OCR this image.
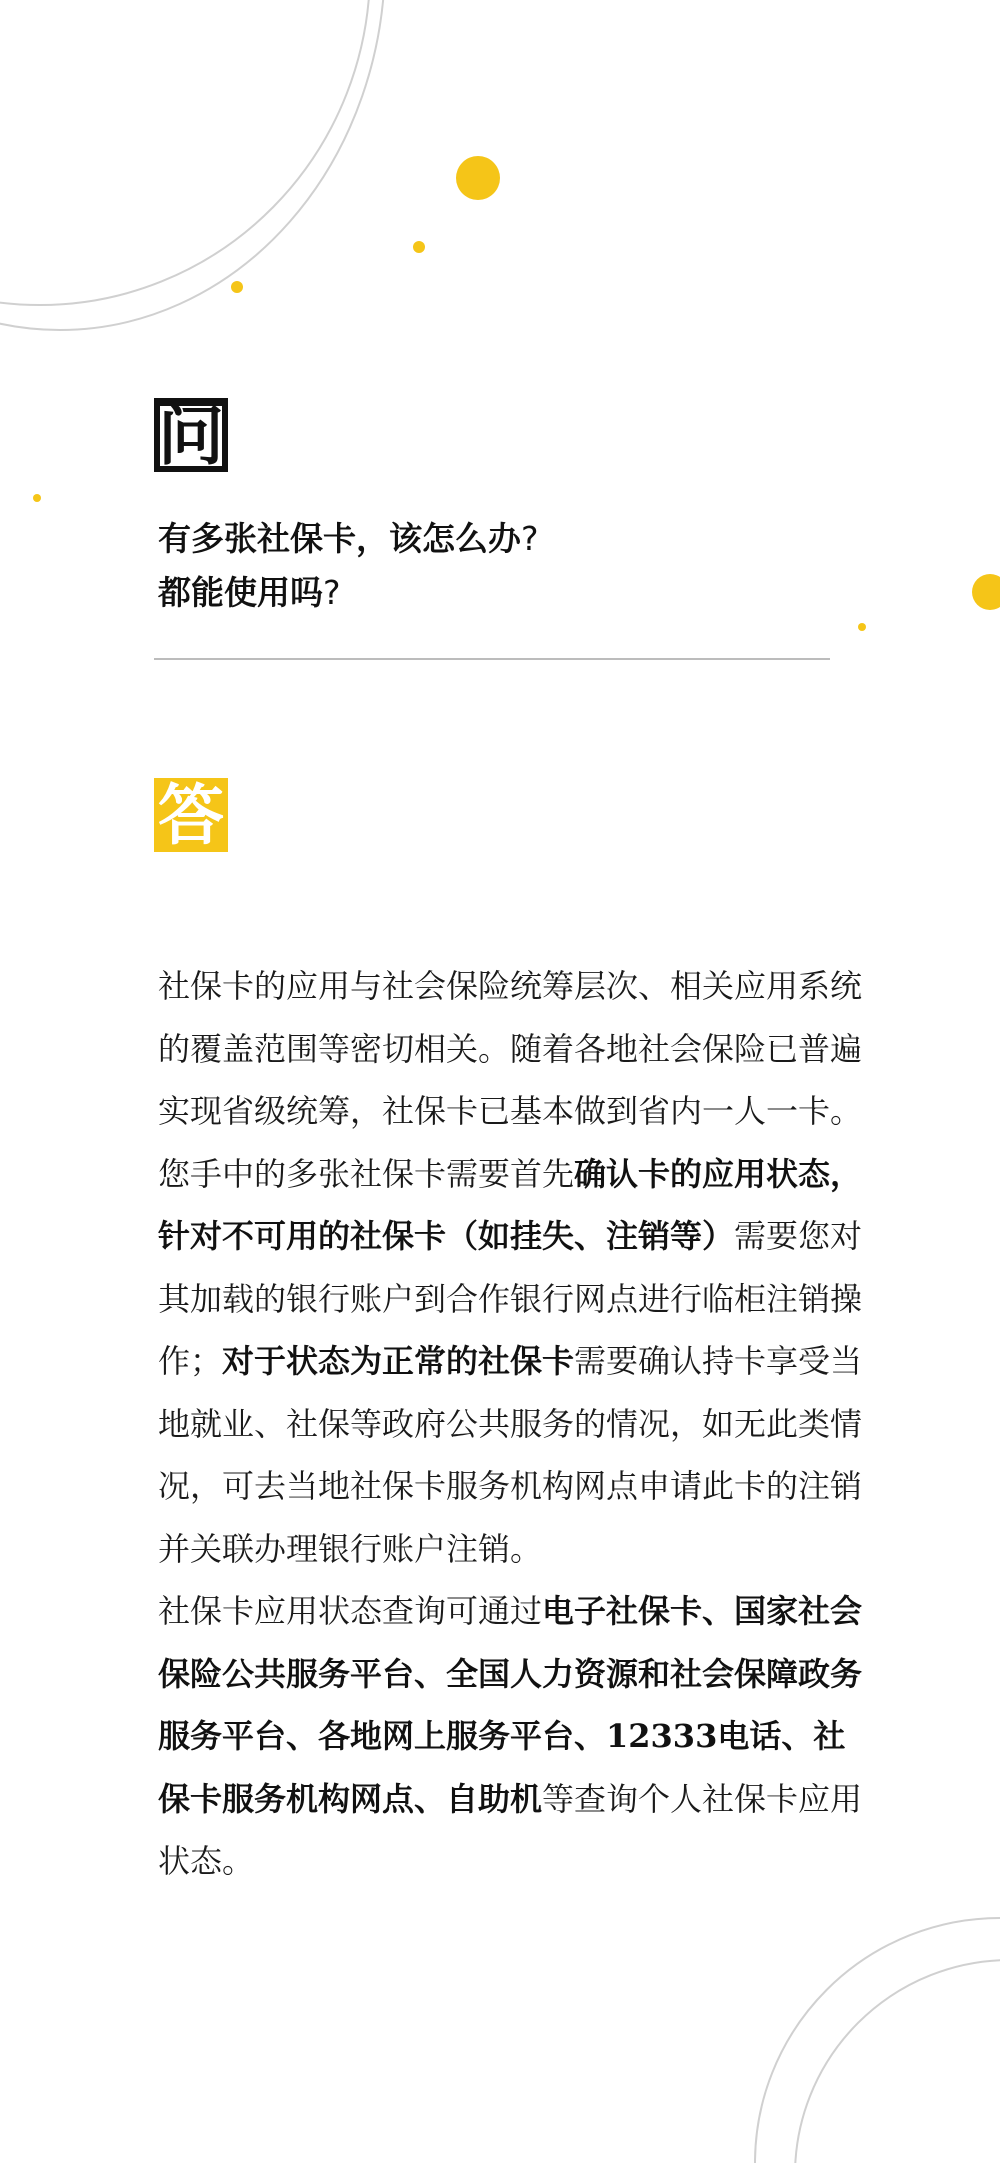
问
有多张社保卡，该怎么办?
都能使用吗?
答

社保卡的应用与社会保险统筹层次、相关应用系统的覆盖范围等密切相关。随着各地社会保险已普遍实现省级统筹，社保卡已基本做到省内一人一卡。

您手中的多张社保卡需要首先确认卡的应用状态，针对不可用的社保卡（如挂失、注销等）需要您对其加载的银行账户到合作银行网点进行临柜注销操作；对于状态为正常的社保卡需要确认持卡享受当地就业、社保等政府公共服务的情况，如无此类情况，可去当地社保卡服务机构网点申请此卡的注销并关联办理银行账户注销。

社保卡应用状态查询可通过电子社保卡、国家社会保险公共服务平台、全国人力资源和社会保障政务服务平台、各地网上服务平台、12333电话、社保卡服务机构网点、自助机等查询个人社保卡应用状态。
